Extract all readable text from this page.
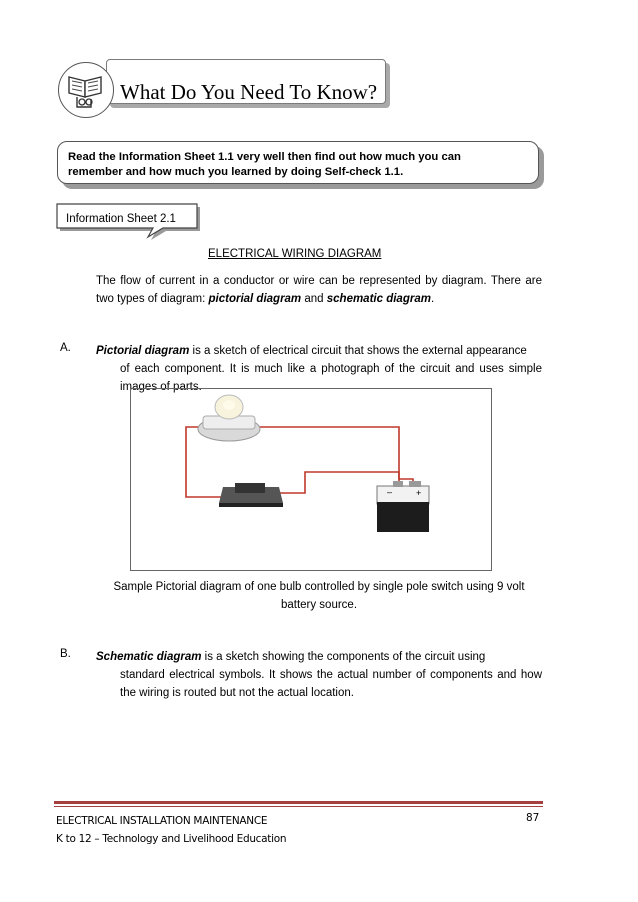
What Do You Need To Know?
Read the Information Sheet 1.1 very well then find out how much you can
remember and how much you learned by doing Self-check 1.1.
Information Sheet 2.1
ELECTRICAL WIRING DIAGRAM
The flow of current in a conductor or wire can be represented by diagram. There are two types of diagram: pictorial diagram and schematic diagram.
A. Pictorial diagram is a sketch of electrical circuit that shows the external appearance
of each component. It is much like a photograph of the circuit and uses simple images of parts.
–	+
Sample Pictorial diagram of one bulb controlled by single pole switch using 9 volt
battery source.
B. Schematic diagram is a sketch showing the components of the circuit using
standard electrical symbols. It shows the actual number of components and how the wiring is routed but not the actual location.
ELECTRICAL INSTALLATION MAINTENANCE
K to 12 – Technology and Livelihood Education
87
